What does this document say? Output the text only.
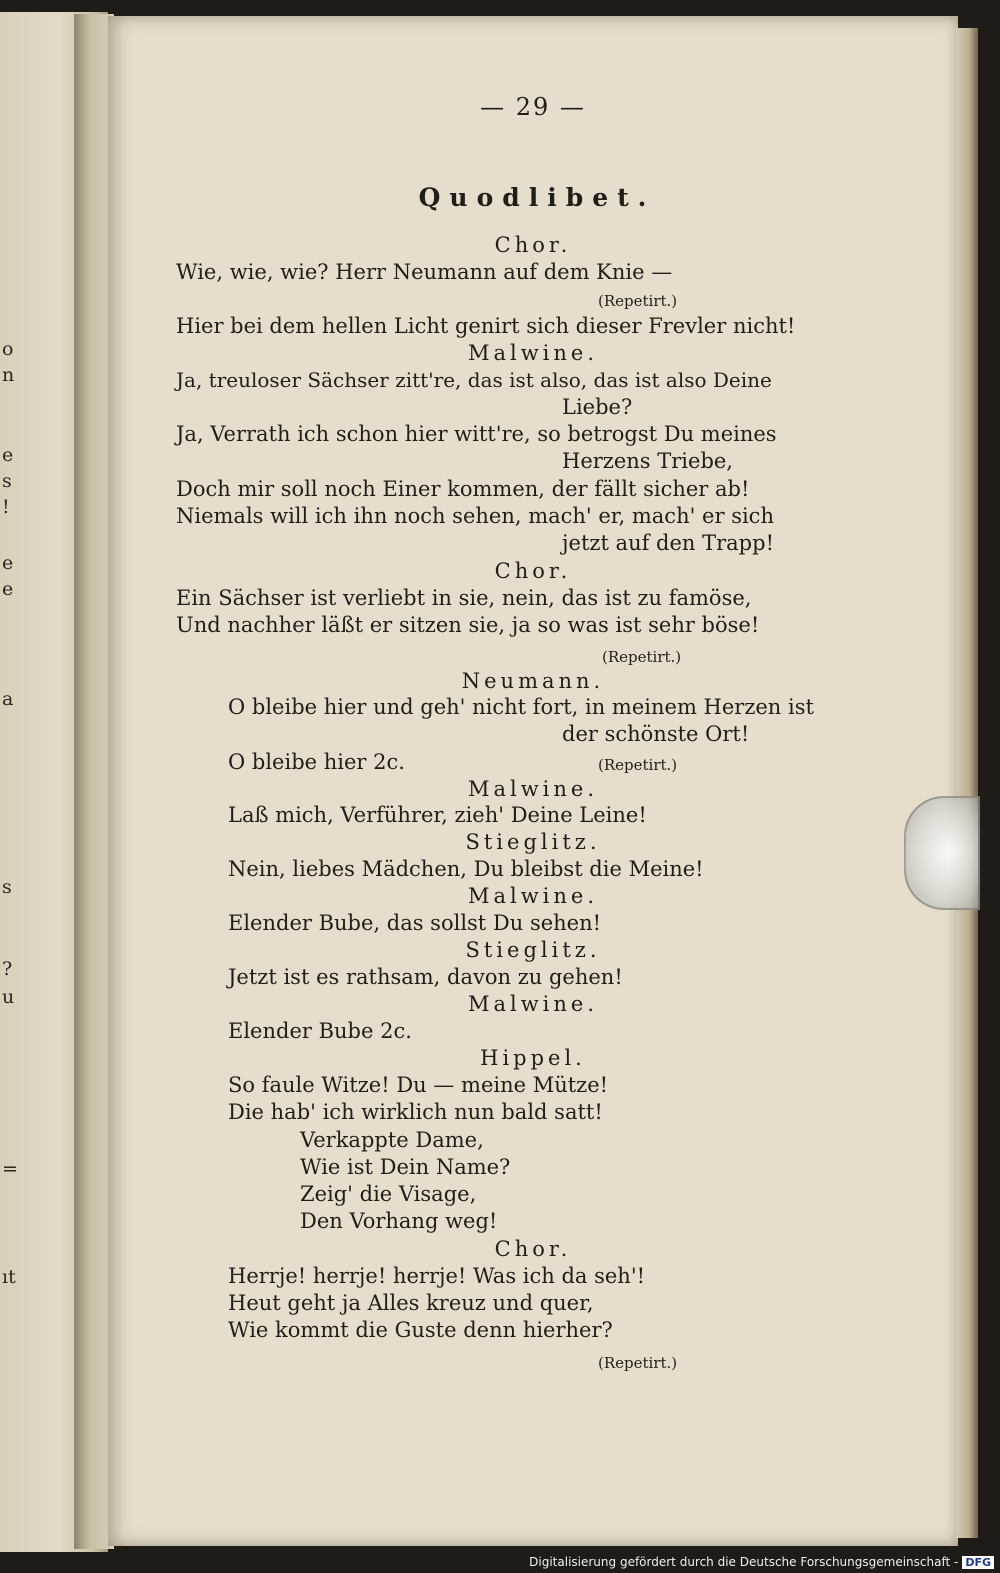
o
n
e
s
!
e
e
a
s
?
u
=
ıt
— 29 —
Quodlibet.
Chor.
Wie, wie, wie? Herr Neumann auf dem Knie —
(Repetirt.)
Hier bei dem hellen Licht genirt sich dieser Frevler nicht!
Malwine.
Ja, treuloser Sächser zitt're, das ist also, das ist also Deine
Liebe?
Ja, Verrath ich schon hier witt're, so betrogst Du meines
Herzens Triebe,
Doch mir soll noch Einer kommen, der fällt sicher ab!
Niemals will ich ihn noch sehen, mach' er, mach' er sich
jetzt auf den Trapp!
Chor.
Ein Sächser ist verliebt in sie, nein, das ist zu famöse,
Und nachher läßt er sitzen sie, ja so was ist sehr böse!
(Repetirt.)
Neumann.
O bleibe hier und geh' nicht fort, in meinem Herzen ist
der schönste Ort!
O bleibe hier 2c.	(Repetirt.)
Malwine.
Laß mich, Verführer, zieh' Deine Leine!
Stieglitz.
Nein, liebes Mädchen, Du bleibst die Meine!
Malwine.
Elender Bube, das sollst Du sehen!
Stieglitz.
Jetzt ist es rathsam, davon zu gehen!
Malwine.
Elender Bube 2c.
Hippel.
So faule Witze! Du — meine Mütze!
Die hab' ich wirklich nun bald satt!
Verkappte Dame,
Wie ist Dein Name?
Zeig' die Visage,
Den Vorhang weg!
Chor.
Herrje! herrje! herrje! Was ich da seh'!
Heut geht ja Alles kreuz und quer,
Wie kommt die Guste denn hierher?
(Repetirt.)
Digitalisierung gefördert durch die Deutsche Forschungsgemeinschaft - DFG
